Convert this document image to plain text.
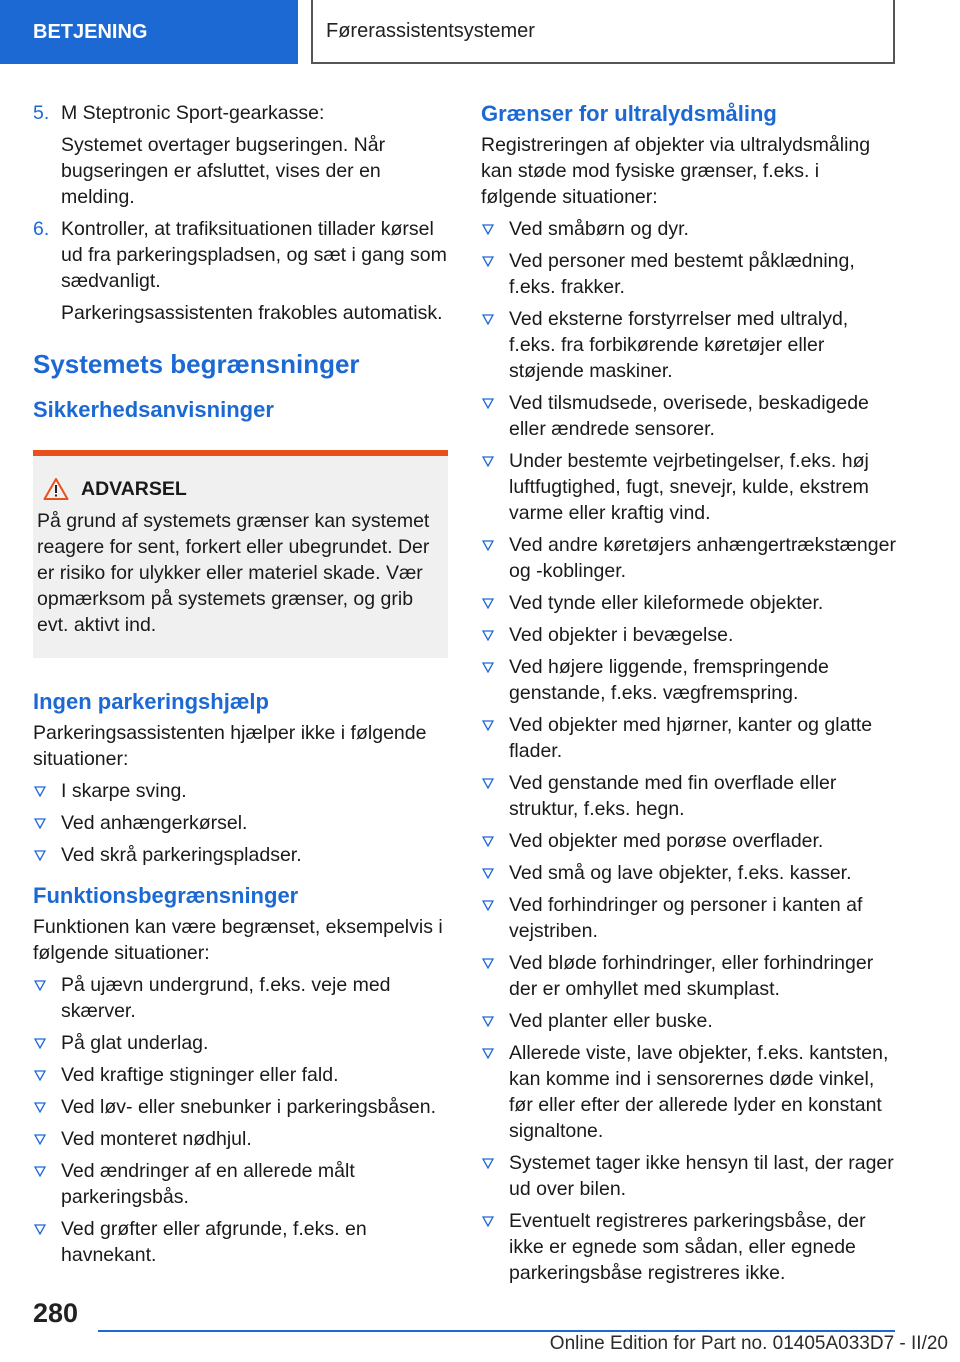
BETJENING	Førerassistentsystemer
5. M Steptronic Sport-gearkasse:

Systemet overtager bugseringen. Når bugseringen er afsluttet, vises der en melding.

6. Kontroller, at trafiksituationen tillader kørsel ud fra parkeringspladsen, og sæt i gang som sædvanligt.

Parkeringsassistenten frakobles automatisk.

Systemets begrænsninger
Sikkerhedsanvisninger
ADVARSEL

På grund af systemets grænser kan systemet reagere for sent, forkert eller ubegrundet. Der er risiko for ulykker eller materiel skade. Vær opmærksom på systemets grænser, og grib evt. aktivt ind.

Ingen parkeringshjælp

Parkeringsassistenten hjælper ikke i følgende situationer:

I skarpe sving.
Ved anhængerkørsel.
Ved skrå parkeringspladser.
Funktionsbegrænsninger

Funktionen kan være begrænset, eksempelvis i følgende situationer:

På ujævn undergrund, f.eks. veje med skærver.
På glat underlag.
Ved kraftige stigninger eller fald.
Ved løv- eller snebunker i parkeringsbåsen.
Ved monteret nødhjul.
Ved ændringer af en allerede målt parkeringsbås.
Ved grøfter eller afgrunde, f.eks. en havnekant.
Grænser for ultralydsmåling

Registreringen af objekter via ultralydsmåling kan støde mod fysiske grænser, f.eks. i følgende situationer:

Ved småbørn og dyr.
Ved personer med bestemt påklædning, f.eks. frakker.
Ved eksterne forstyrrelser med ultralyd, f.eks. fra forbikørende køretøjer eller støjende maskiner.
Ved tilsmudsede, overisede, beskadigede eller ændrede sensorer.
Under bestemte vejrbetingelser, f.eks. høj luftfugtighed, fugt, snevejr, kulde, ekstrem varme eller kraftig vind.
Ved andre køretøjers anhængertrækstænger og -koblinger.
Ved tynde eller kileformede objekter.
Ved objekter i bevægelse.
Ved højere liggende, fremspringende genstande, f.eks. vægfremspring.
Ved objekter med hjørner, kanter og glatte flader.
Ved genstande med fin overflade eller struktur, f.eks. hegn.
Ved objekter med porøse overflader.
Ved små og lave objekter, f.eks. kasser.
Ved forhindringer og personer i kanten af vejstriben.
Ved bløde forhindringer, eller forhindringer der er omhyllet med skumplast.
Ved planter eller buske.
Allerede viste, lave objekter, f.eks. kantsten, kan komme ind i sensorernes døde vinkel, før eller efter der allerede lyder en konstant signaltone.
Systemet tager ikke hensyn til last, der rager ud over bilen.
Eventuelt registreres parkeringsbåse, der ikke er egnede som sådan, eller egnede parkeringsbåse registreres ikke.
280
Online Edition for Part no. 01405A033D7 - II/20
